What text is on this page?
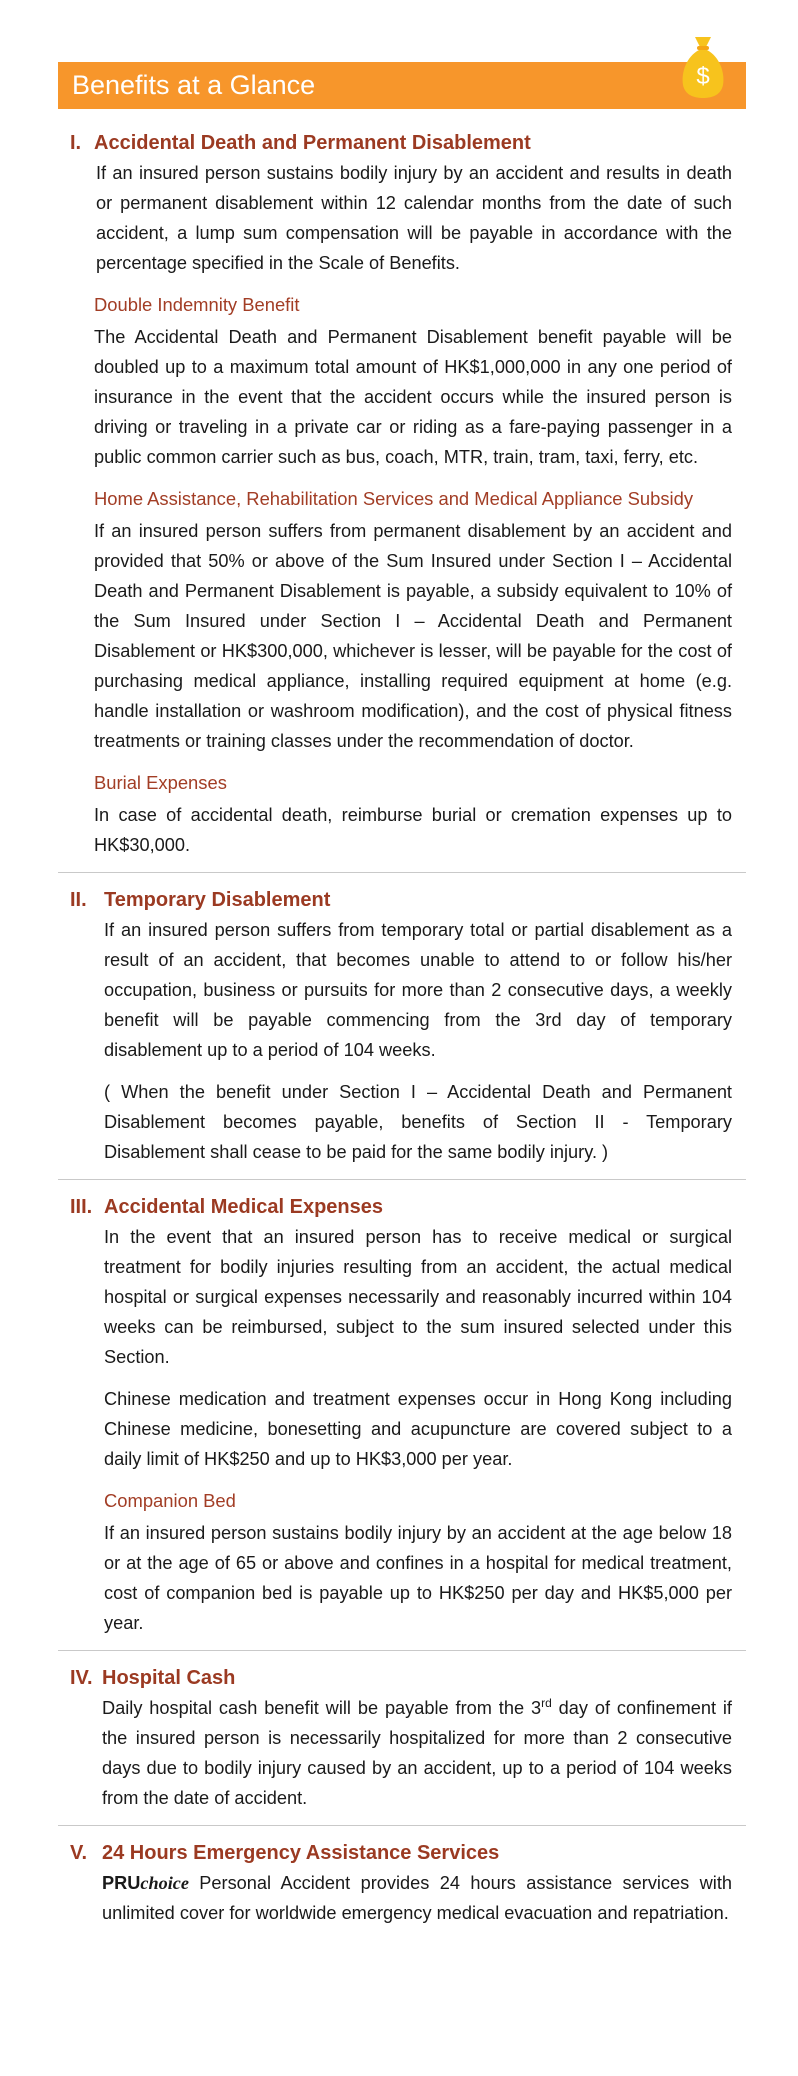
Benefits at a Glance	$
I. Accidental Death and Permanent Disablement

If an insured person sustains bodily injury by an accident and results in death or permanent disablement within 12 calendar months from the date of such accident, a lump sum compensation will be payable in accordance with the percentage specified in the Scale of Benefits.

Double Indemnity Benefit

The Accidental Death and Permanent Disablement benefit payable will be doubled up to a maximum total amount of HK$1,000,000 in any one period of insurance in the event that the accident occurs while the insured person is driving or traveling in a private car or riding as a fare-paying passenger in a public common carrier such as bus, coach, MTR, train, tram, taxi, ferry, etc.

Home Assistance, Rehabilitation Services and Medical Appliance Subsidy

If an insured person suffers from permanent disablement by an accident and provided that 50% or above of the Sum Insured under Section I – Accidental Death and Permanent Disablement is payable, a subsidy equivalent to 10% of the Sum Insured under Section I – Accidental Death and Permanent Disablement or HK$300,000, whichever is lesser, will be payable for the cost of purchasing medical appliance, installing required equipment at home (e.g. handle installation or washroom modification), and the cost of physical fitness treatments or training classes under the recommendation of doctor.

Burial Expenses

In case of accidental death, reimburse burial or cremation expenses up to HK$30,000.

II. Temporary Disablement

If an insured person suffers from temporary total or partial disablement as a result of an accident, that becomes unable to attend to or follow his/her occupation, business or pursuits for more than 2 consecutive days, a weekly benefit will be payable commencing from the 3rd day of temporary disablement up to a period of 104 weeks.

( When the benefit under Section I – Accidental Death and Permanent Disablement becomes payable, benefits of Section II - Temporary Disablement shall cease to be paid for the same bodily injury. )

III. Accidental Medical Expenses

In the event that an insured person has to receive medical or surgical treatment for bodily injuries resulting from an accident, the actual medical hospital or surgical expenses necessarily and reasonably incurred within 104 weeks can be reimbursed, subject to the sum insured selected under this Section.

Chinese medication and treatment expenses occur in Hong Kong including Chinese medicine, bonesetting and acupuncture are covered subject to a daily limit of HK$250 and up to HK$3,000 per year.

Companion Bed

If an insured person sustains bodily injury by an accident at the age below 18 or at the age of 65 or above and confines in a hospital for medical treatment, cost of companion bed is payable up to HK$250 per day and HK$5,000 per year.

IV. Hospital Cash

Daily hospital cash benefit will be payable from the 3rd day of confinement if the insured person is necessarily hospitalized for more than 2 consecutive days due to bodily injury caused by an accident, up to a period of 104 weeks from the date of accident.

V. 24 Hours Emergency Assistance Services

PRUchoice Personal Accident provides 24 hours assistance services with unlimited cover for worldwide emergency medical evacuation and repatriation.
